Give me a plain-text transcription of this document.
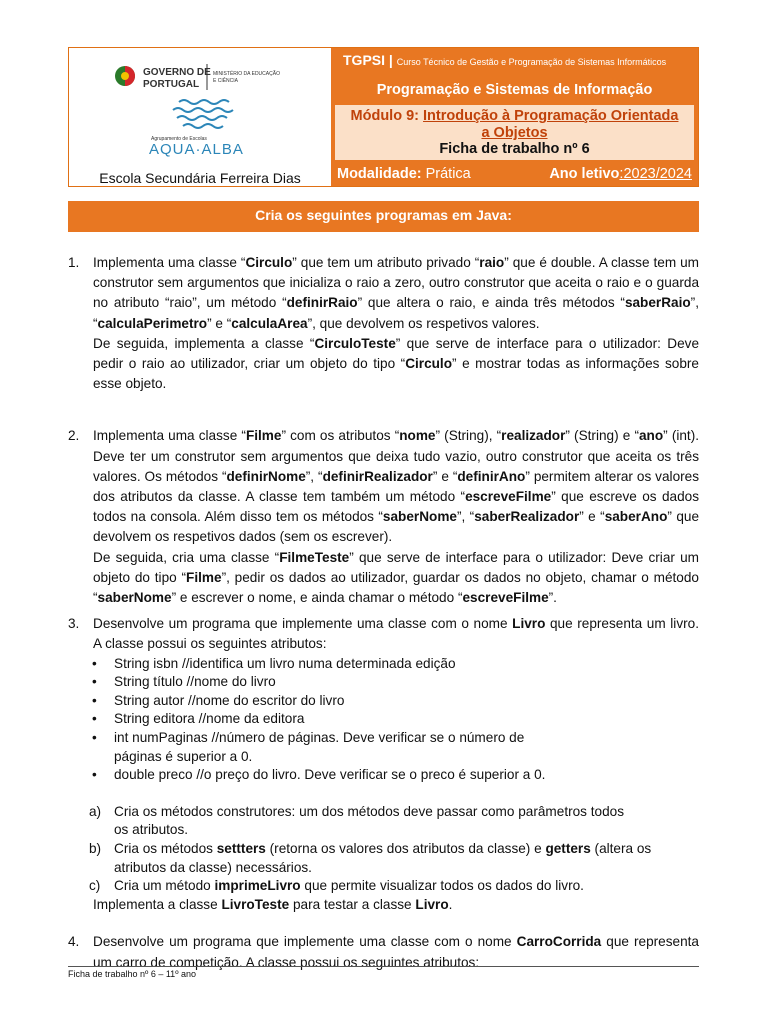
GOVERNO DE
PORTUGAL
MINISTÉRIO DA EDUCAÇÃO
E CIÊNCIA
Agrupamento de Escolas
AQUA·ALBA
Escola Secundária Ferreira Dias
TGPSI | Curso Técnico de Gestão e Programação de Sistemas Informáticos
Programação e Sistemas de Informação
Módulo 9: Introdução à Programação Orientada
a Objetos
Ficha de trabalho nº 6
Modalidade: Prática	Ano letivo:2023/2024
Cria os seguintes programas em Java:
1. Implementa uma classe “Circulo” que tem um atributo privado “raio” que é double. A classe tem um construtor sem argumentos que inicializa o raio a zero, outro construtor que aceita o raio e o guarda no atributo “raio”, um método “definirRaio” que altera o raio, e ainda três métodos “saberRaio”, “calculaPerimetro” e “calculaArea”, que devolvem os respetivos valores.

De seguida, implementa a classe “CirculoTeste” que serve de interface para o utilizador: Deve pedir o raio ao utilizador, criar um objeto do tipo “Circulo” e mostrar todas as informações sobre esse objeto.

2. Implementa uma classe “Filme” com os atributos “nome” (String), “realizador” (String) e “ano” (int). Deve ter um construtor sem argumentos que deixa tudo vazio, outro construtor que aceita os três valores. Os métodos “definirNome”, “definirRealizador” e “definirAno” permitem alterar os valores dos atributos da classe. A classe tem também um método “escreveFilme” que escreve os dados todos na consola. Além disso tem os métodos “saberNome”, “saberRealizador” e “saberAno” que devolvem os respetivos dados (sem os escrever).

De seguida, cria uma classe “FilmeTeste” que serve de interface para o utilizador: Deve criar um objeto do tipo “Filme”, pedir os dados ao utilizador, guardar os dados no objeto, chamar o método “saberNome” e escrever o nome, e ainda chamar o método “escreveFilme”.

3. Desenvolve um programa que implemente uma classe com o nome Livro que representa um livro. A classe possui os seguintes atributos:

• String isbn //identifica um livro numa determinada edição
• String título //nome do livro
• String autor //nome do escritor do livro
• String editora //nome da editora
• int numPaginas //número de páginas. Deve verificar se o número de páginas é superior a 0.
• double preco //o preço do livro. Deve verificar se o preco é superior a 0.
a) Cria os métodos construtores: um dos métodos deve passar como parâmetros todos os atributos.
b) Cria os métodos settters (retorna os valores dos atributos da classe) e getters (altera os atributos da classe) necessários.
c) Cria um método imprimeLivro que permite visualizar todos os dados do livro.

Implementa a classe LivroTeste para testar a classe Livro.

4. Desenvolve um programa que implemente uma classe com o nome CarroCorrida que representa um carro de competição. A classe possui os seguintes atributos:

Ficha de trabalho nº 6 – 11º ano
